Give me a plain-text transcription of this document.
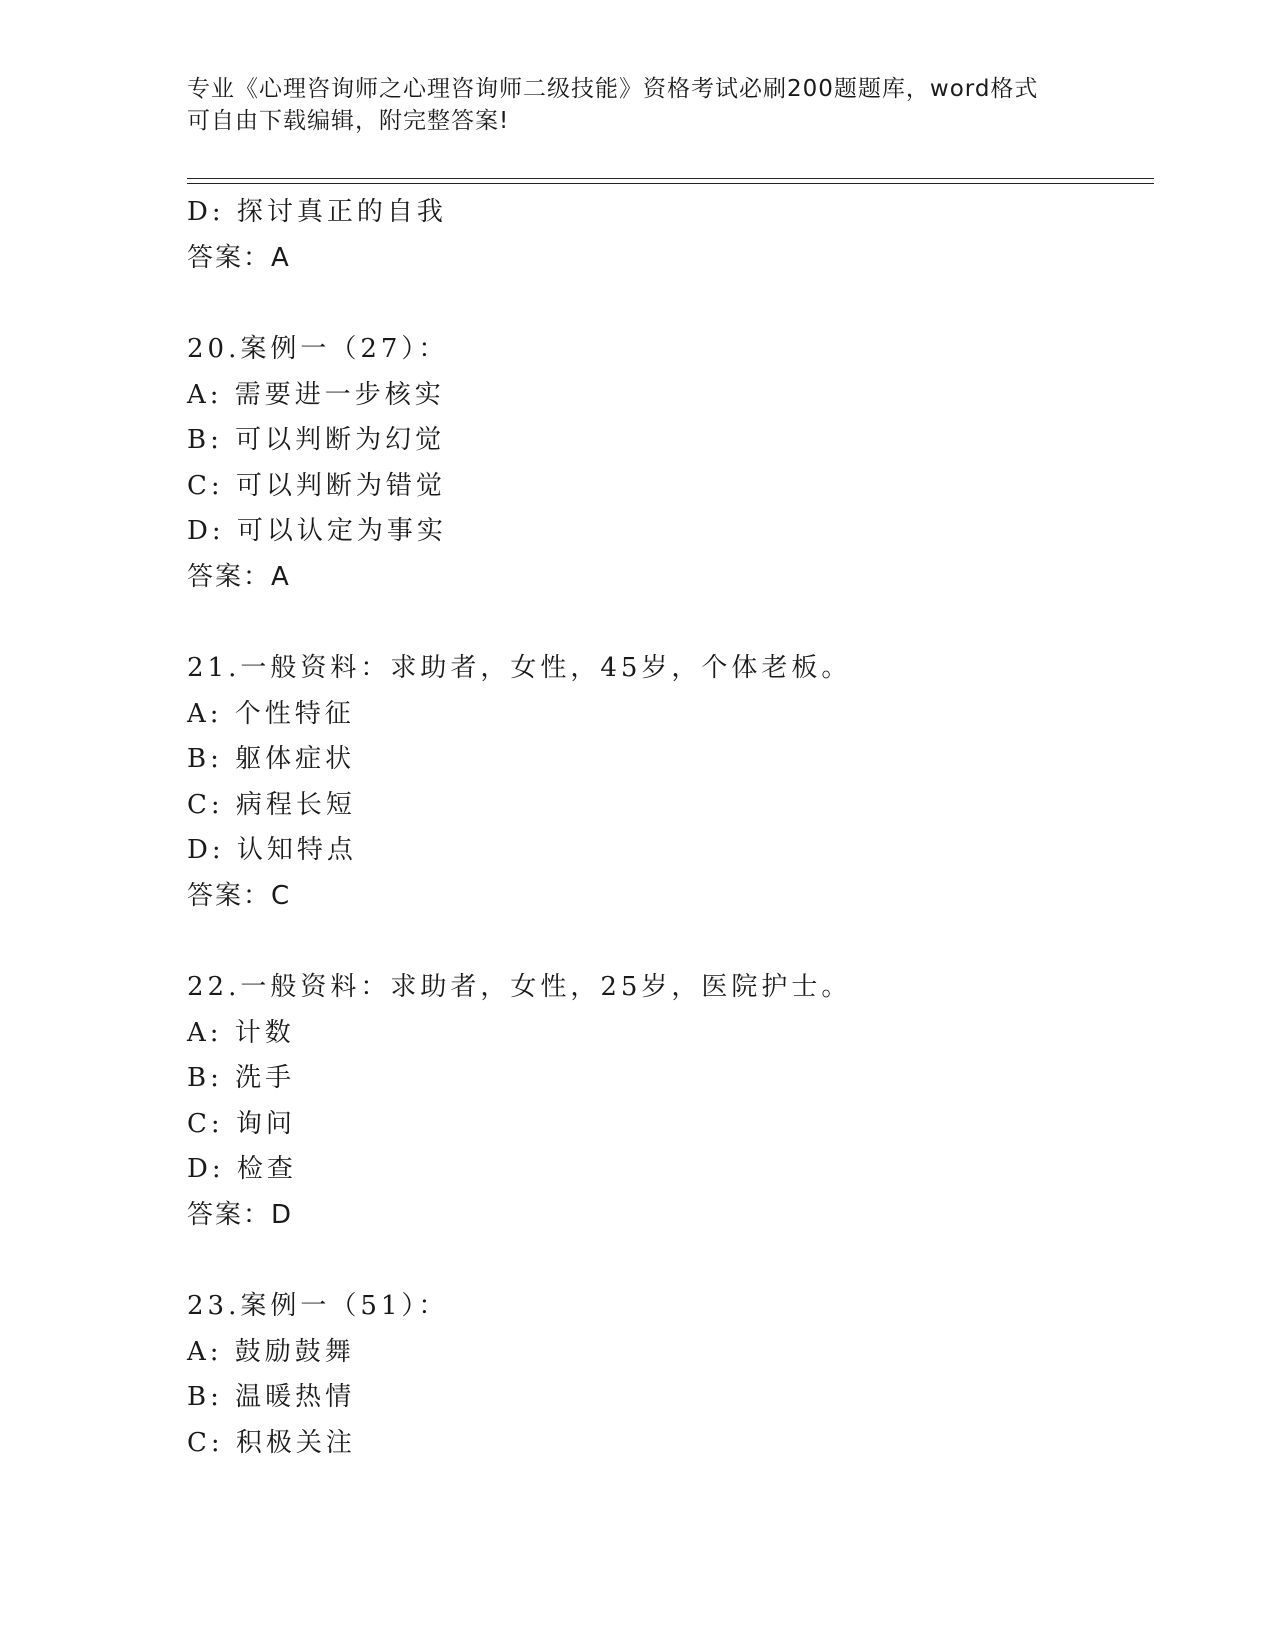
专业《心理咨询师之心理咨询师二级技能》资格考试必刷200题题库，word格式
可自由下载编辑，附完整答案!
D: 探讨真正的自我
答案：A
20.案例一（27）：
A: 需要进一步核实
B: 可以判断为幻觉
C: 可以判断为错觉
D: 可以认定为事实
答案：A
21.一般资料：求助者，女性，45岁，个体老板。
A: 个性特征
B: 躯体症状
C: 病程长短
D: 认知特点
答案：C
22.一般资料：求助者，女性，25岁，医院护士。
A: 计数
B: 洗手
C: 询问
D: 检查
答案：D
23.案例一（51）：
A: 鼓励鼓舞
B: 温暖热情
C: 积极关注
